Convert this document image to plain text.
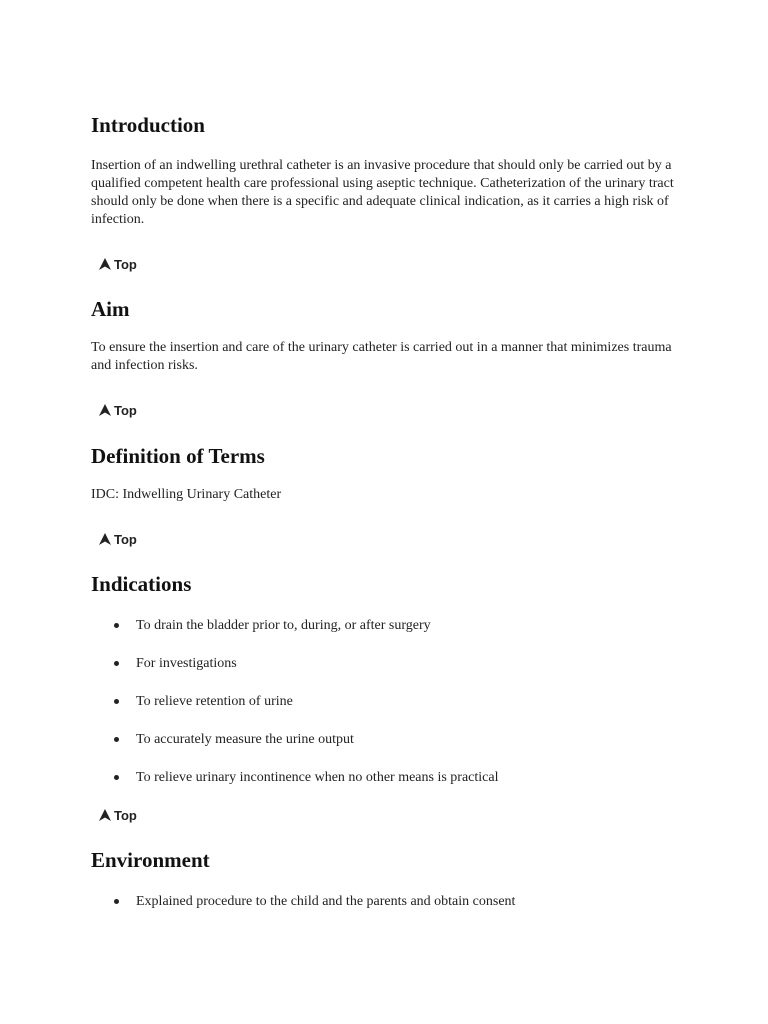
Introduction

Insertion of an indwelling urethral catheter is an invasive procedure that should only be carried out by a qualified competent health care professional using aseptic technique. Catheterization of the urinary tract should only be done when there is a specific and adequate clinical indication, as it carries a high risk of infection.

Top
Aim

To ensure the insertion and care of the urinary catheter is carried out in a manner that minimizes trauma and infection risks.

Top
Definition of Terms

IDC: Indwelling Urinary Catheter

Top
Indications
To drain the bladder prior to, during, or after surgery
For investigations
To relieve retention of urine
To accurately measure the urine output
To relieve urinary incontinence when no other means is practical
Top
Environment
Explained procedure to the child and the parents and obtain consent
